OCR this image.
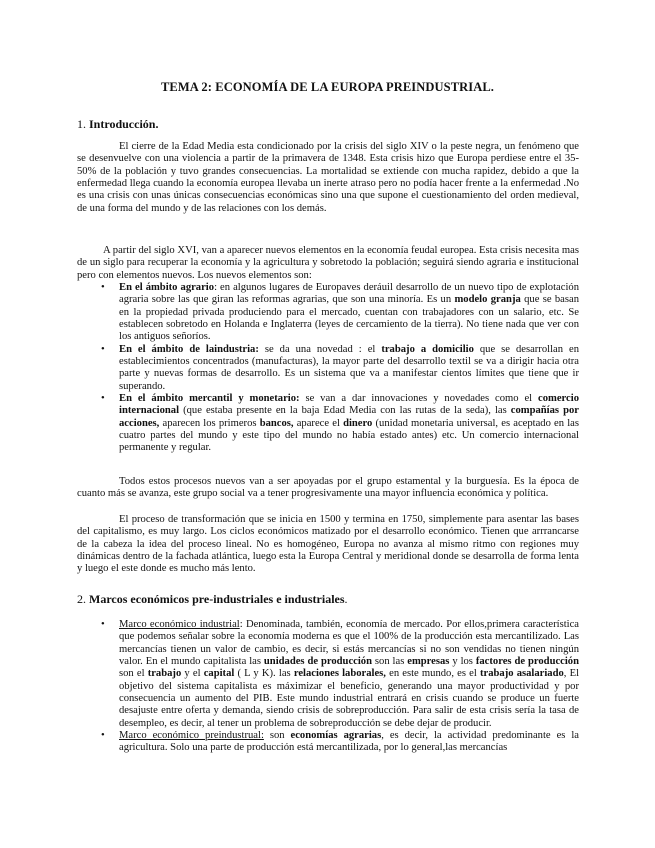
TEMA 2: ECONOMÍA DE LA EUROPA PREINDUSTRIAL.
1. Introducción.

El cierre de la Edad Media esta condicionado por la crisis del siglo XIV o la peste negra, un fenómeno que se desenvuelve con una violencia a partir de la primavera de 1348. Esta crisis hizo que Europa perdiese entre el 35-50% de la población y tuvo grandes consecuencias. La mortalidad se extiende con mucha rapidez, debido a que la enfermedad llega cuando la economía europea llevaba un inerte atraso pero no podía hacer frente a la enfermedad .No es una crisis con unas únicas consecuencias económicas sino una que supone el cuestionamiento del orden medieval, de una forma del mundo y de las relaciones con los demás.

A partir del siglo XVI, van a aparecer nuevos elementos en la economía feudal europea. Esta crisis necesita mas de un siglo para recuperar la economía y la agricultura y sobretodo la población; seguirá siendo agraria e institucional pero con elementos nuevos. Los nuevos elementos son:

• En el ámbito agrario: en algunos lugares de Europaves deráuil desarrollo de un nuevo tipo de explotación agraria sobre las que giran las reformas agrarias, que son una minoría. Es un modelo granja que se basan en la propiedad privada produciendo para el mercado, cuentan con trabajadores con un salario, etc. Se establecen sobretodo en Holanda e Inglaterra (leyes de cercamiento de la tierra). No tiene nada que ver con los antiguos señoríos.
• En el ámbito de laindustria: se da una novedad : el trabajo a domicilio que se desarrollan en establecimientos concentrados (manufacturas), la mayor parte del desarrollo textil se va a dirigir hacia otra parte y nuevas formas de desarrollo. Es un sistema que va a manifestar cientos límites que tiene que ir superando.
• En el ámbito mercantil y monetario: se van a dar innovaciones y novedades como el comercio internacional (que estaba presente en la baja Edad Media con las rutas de la seda), las compañías por acciones, aparecen los primeros bancos, aparece el dinero (unidad monetaria universal, es aceptado en las cuatro partes del mundo y este tipo del mundo no había estado antes) etc. Un comercio internacional permanente y regular.

Todos estos procesos nuevos van a ser apoyadas por el grupo estamental y la burguesía. Es la época de cuanto más se avanza, este grupo social va a tener progresivamente una mayor influencia económica y política.

El proceso de transformación que se inicia en 1500 y termina en 1750, simplemente para asentar las bases del capitalismo, es muy largo. Los ciclos económicos matizado por el desarrollo económico. Tienen que arrrancarse de la cabeza la idea del proceso lineal. No es homogéneo, Europa no avanza al mismo ritmo con regiones muy dinámicas dentro de la fachada atlántica, luego esta la Europa Central y meridional donde se desarrolla de forma lenta y luego el este donde es mucho más lento.

2. Marcos económicos pre-industriales e industriales.
• Marco económico industrial: Denominada, también, economía de mercado. Por ellos,primera característica que podemos señalar sobre la economía moderna es que el 100% de la producción esta mercantilizado. Las mercancías tienen un valor de cambio, es decir, si estás mercancías si no son vendidas no tienen ningún valor. En el mundo capitalista las unidades de producción son las empresas y los factores de producción son el trabajo y el capital ( L y K). las relaciones laborales, en este mundo, es el trabajo asalariado, El objetivo del sistema capitalista es máximizar el beneficio, generando una mayor productividad y por consecuencia un aumento del PIB. Este mundo industrial entrará en crisis cuando se produce un fuerte desajuste entre oferta y demanda, siendo crisis de sobreproducción. Para salir de esta crisis sería la tasa de desempleo, es decir, al tener un problema de sobreproducción se debe dejar de producir.
• Marco económico preindustrual: son economías agrarias, es decir, la actividad predominante es la agricultura. Solo una parte de producción está mercantilizada, por lo general,las mercancías
